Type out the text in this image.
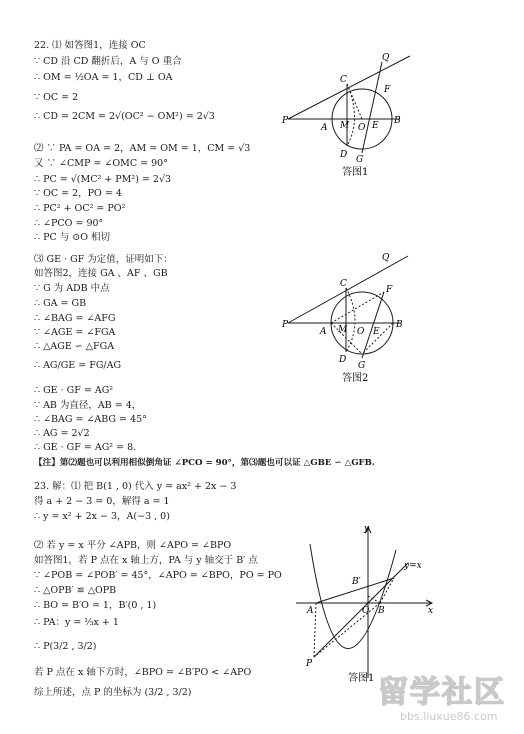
22. ⑴ 如答图1，连接 OC
∵ CD 沿 CD 翻折后，A 与 O 重合
∴ OM = ½OA = 1，CD ⊥ OA
∵ OC = 2
∴ CD = 2CM = 2√(OC² − OM²) = 2√3
⑵ ∵ PA = OA = 2，AM = OM = 1，CM = √3
又 ∵ ∠CMP = ∠OMC = 90°
∴ PC = √(MC² + PM²) = 2√3
∵ OC = 2，PO = 4
∴ PC² + OC² = PO²
∴ ∠PCO = 90°
∴ PC 与 ⊙O 相切
⑶ GE · GF 为定值，证明如下：
如答图2，连接 GA 、AF 、GB
∵ G 为 ADB 中点
∴ GA = GB
∴ ∠BAG = ∠AFG
∵ ∠AGE = ∠FGA
∴ △AGE ∽ △FGA
∴ AG/GE = FG/AG
∴ GE · GF = AG²
∵ AB 为直径，AB = 4，
∴ ∠BAG = ∠ABG = 45°
∴ AG = 2√2
∴ GE · GF = AG² = 8.
【注】第⑵题也可以利用相似倒角证 ∠PCO = 90°，第⑶题也可以证 △GBE ∽ △GFB.
23. 解：⑴ 把 B(1 , 0) 代入 y = ax² + 2x − 3
得 a + 2 − 3 = 0，解得 a = 1
∴ y = x² + 2x − 3，A(−3 , 0)
⑵ 若 y = x 平分 ∠APB，则 ∠APO = ∠BPO
如答图1，若 P 点在 x 轴上方，PA 与 y 轴交于 B′ 点
∵ ∠POB = ∠POB′ = 45°，∠APO = ∠BPO，PO = PO
∴ △OPB′ ≌ △OPB
∴ BO = B′O = 1，B′(0 , 1)
∴ PA：y = ⅓x + 1
∴ P(3/2 , 3/2)
若 P 点在 x 轴下方时，∠BPO = ∠B′PO < ∠APO
综上所述，点 P 的坐标为 (3/2 , 3/2)
Q
C
F
P
A M O E B
D G
答图1
Q
C
F
P
A M O E
B
D
G
答图2
y
y=x
B′
A	O B	x
P
答图1 留学社区
bbs.liuxue86.com
